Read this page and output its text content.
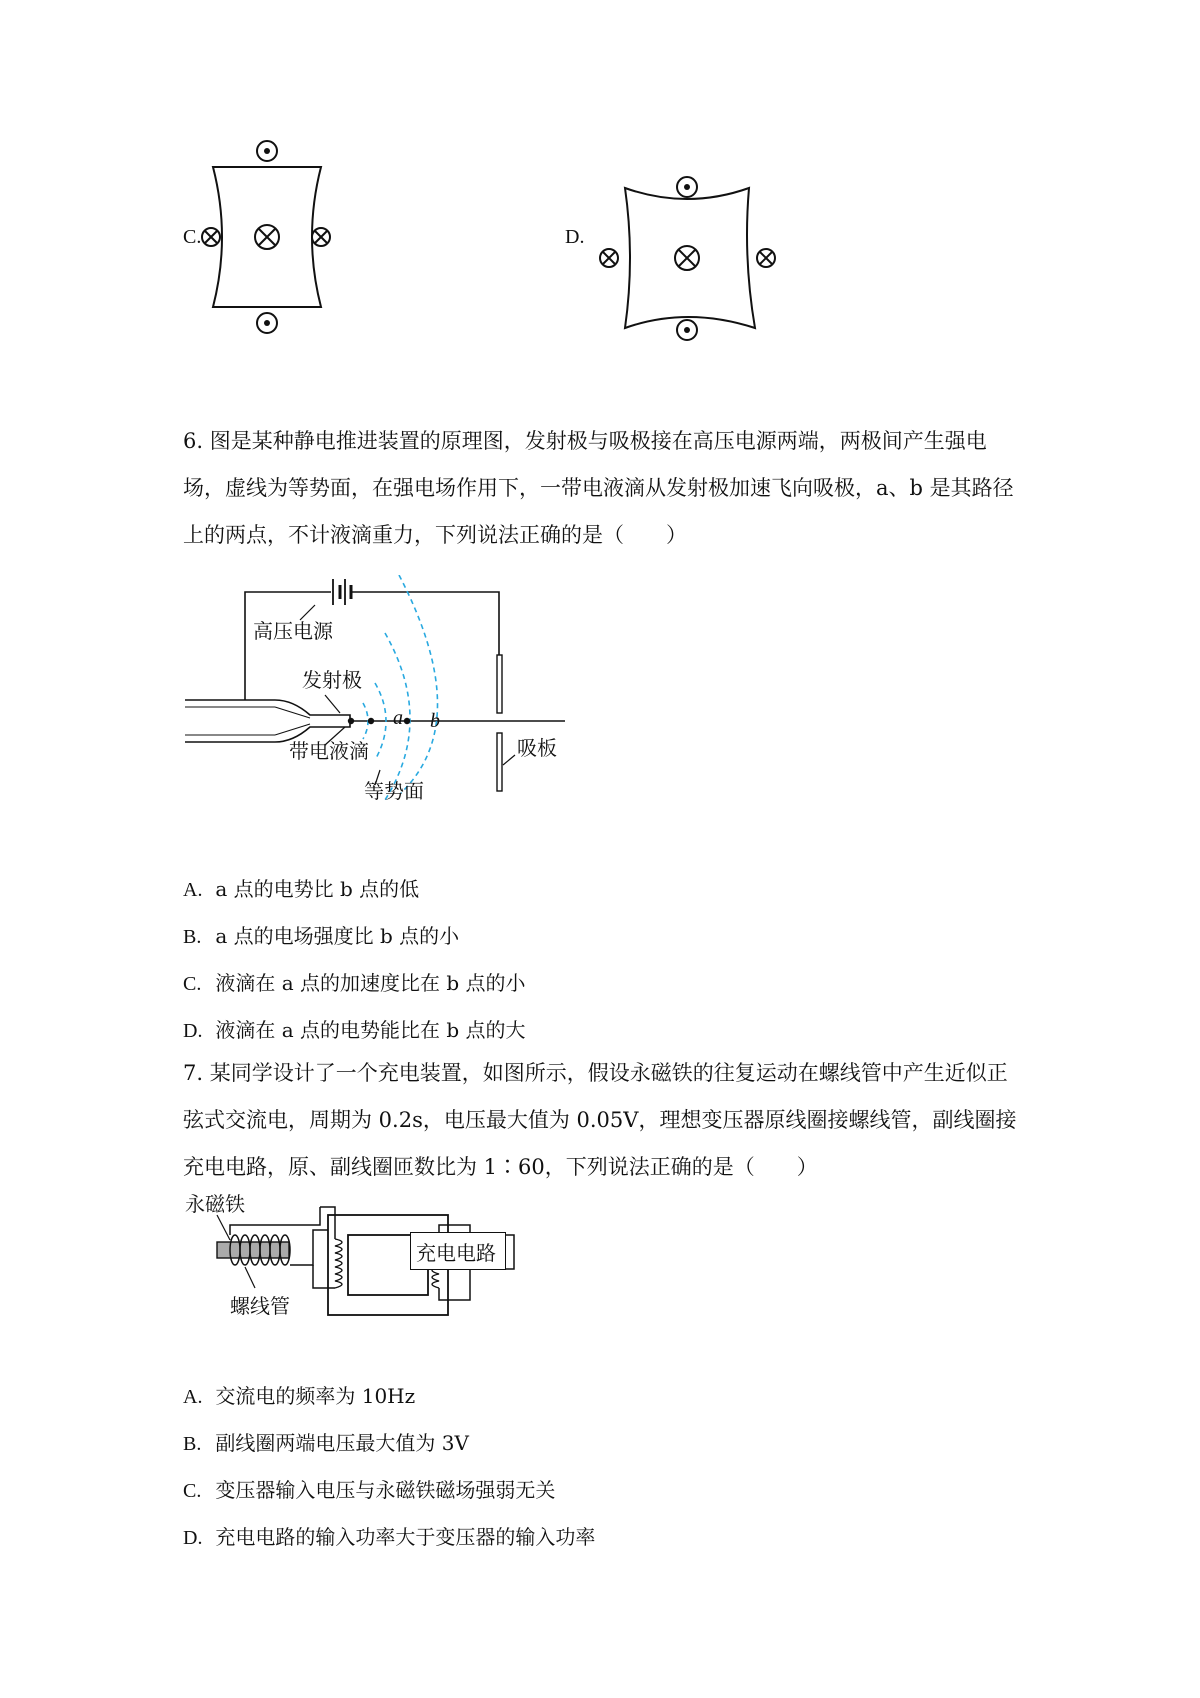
C.	D.
6. 图是某种静电推进装置的原理图，发射极与吸极接在高压电源两端，两极间产生强电场，虚线为等势面，在强电场作用下，一带电液滴从发射极加速飞向吸极，a、b 是其路径上的两点，不计液滴重力，下列说法正确的是（　　）
高压电源
发射极
a b
带电液滴	吸板
等势面
A. a 点的电势比 b 点的低
B. a 点的电场强度比 b 点的小
C. 液滴在 a 点的加速度比在 b 点的小
D. 液滴在 a 点的电势能比在 b 点的大
7. 某同学设计了一个充电装置，如图所示，假设永磁铁的往复运动在螺线管中产生近似正弦式交流电，周期为 0.2s，电压最大值为 0.05V，理想变压器原线圈接螺线管，副线圈接充电电路，原、副线圈匝数比为 1∶60，下列说法正确的是（　　）
充电电路
永磁铁
螺线管
A. 交流电的频率为 10Hz
B. 副线圈两端电压最大值为 3V
C. 变压器输入电压与永磁铁磁场强弱无关
D. 充电电路的输入功率大于变压器的输入功率
